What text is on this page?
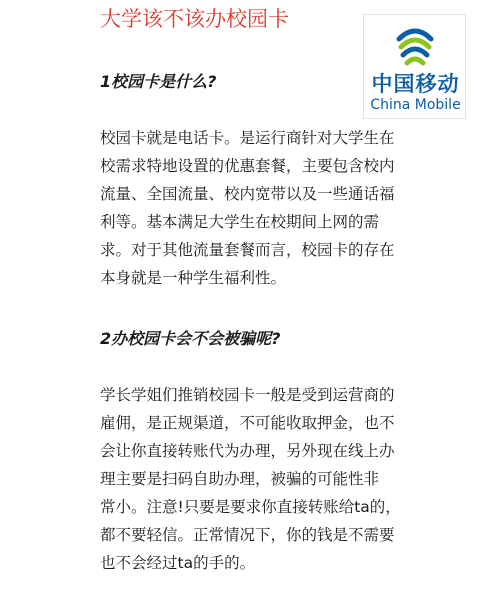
大学该不该办校园卡
中国移动
China Mobile
1校园卡是什么?
校园卡就是电话卡。是运行商针对大学生在
校需求特地设置的优惠套餐，主要包含校内
流量、全国流量、校内宽带以及一些通话福
利等。基本满足大学生在校期间上网的需
求。对于其他流量套餐而言，校园卡的存在
本身就是一种学生福利性。
2办校园卡会不会被骗呢?
学长学姐们推销校园卡一般是受到运营商的
雇佣，是正规渠道，不可能收取押金，也不
会让你直接转账代为办理，另外现在线上办
理主要是扫码自助办理，被骗的可能性非
常小。注意!只要是要求你直接转账给ta的，
都不要轻信。正常情况下，你的钱是不需要
也不会经过ta的手的。
